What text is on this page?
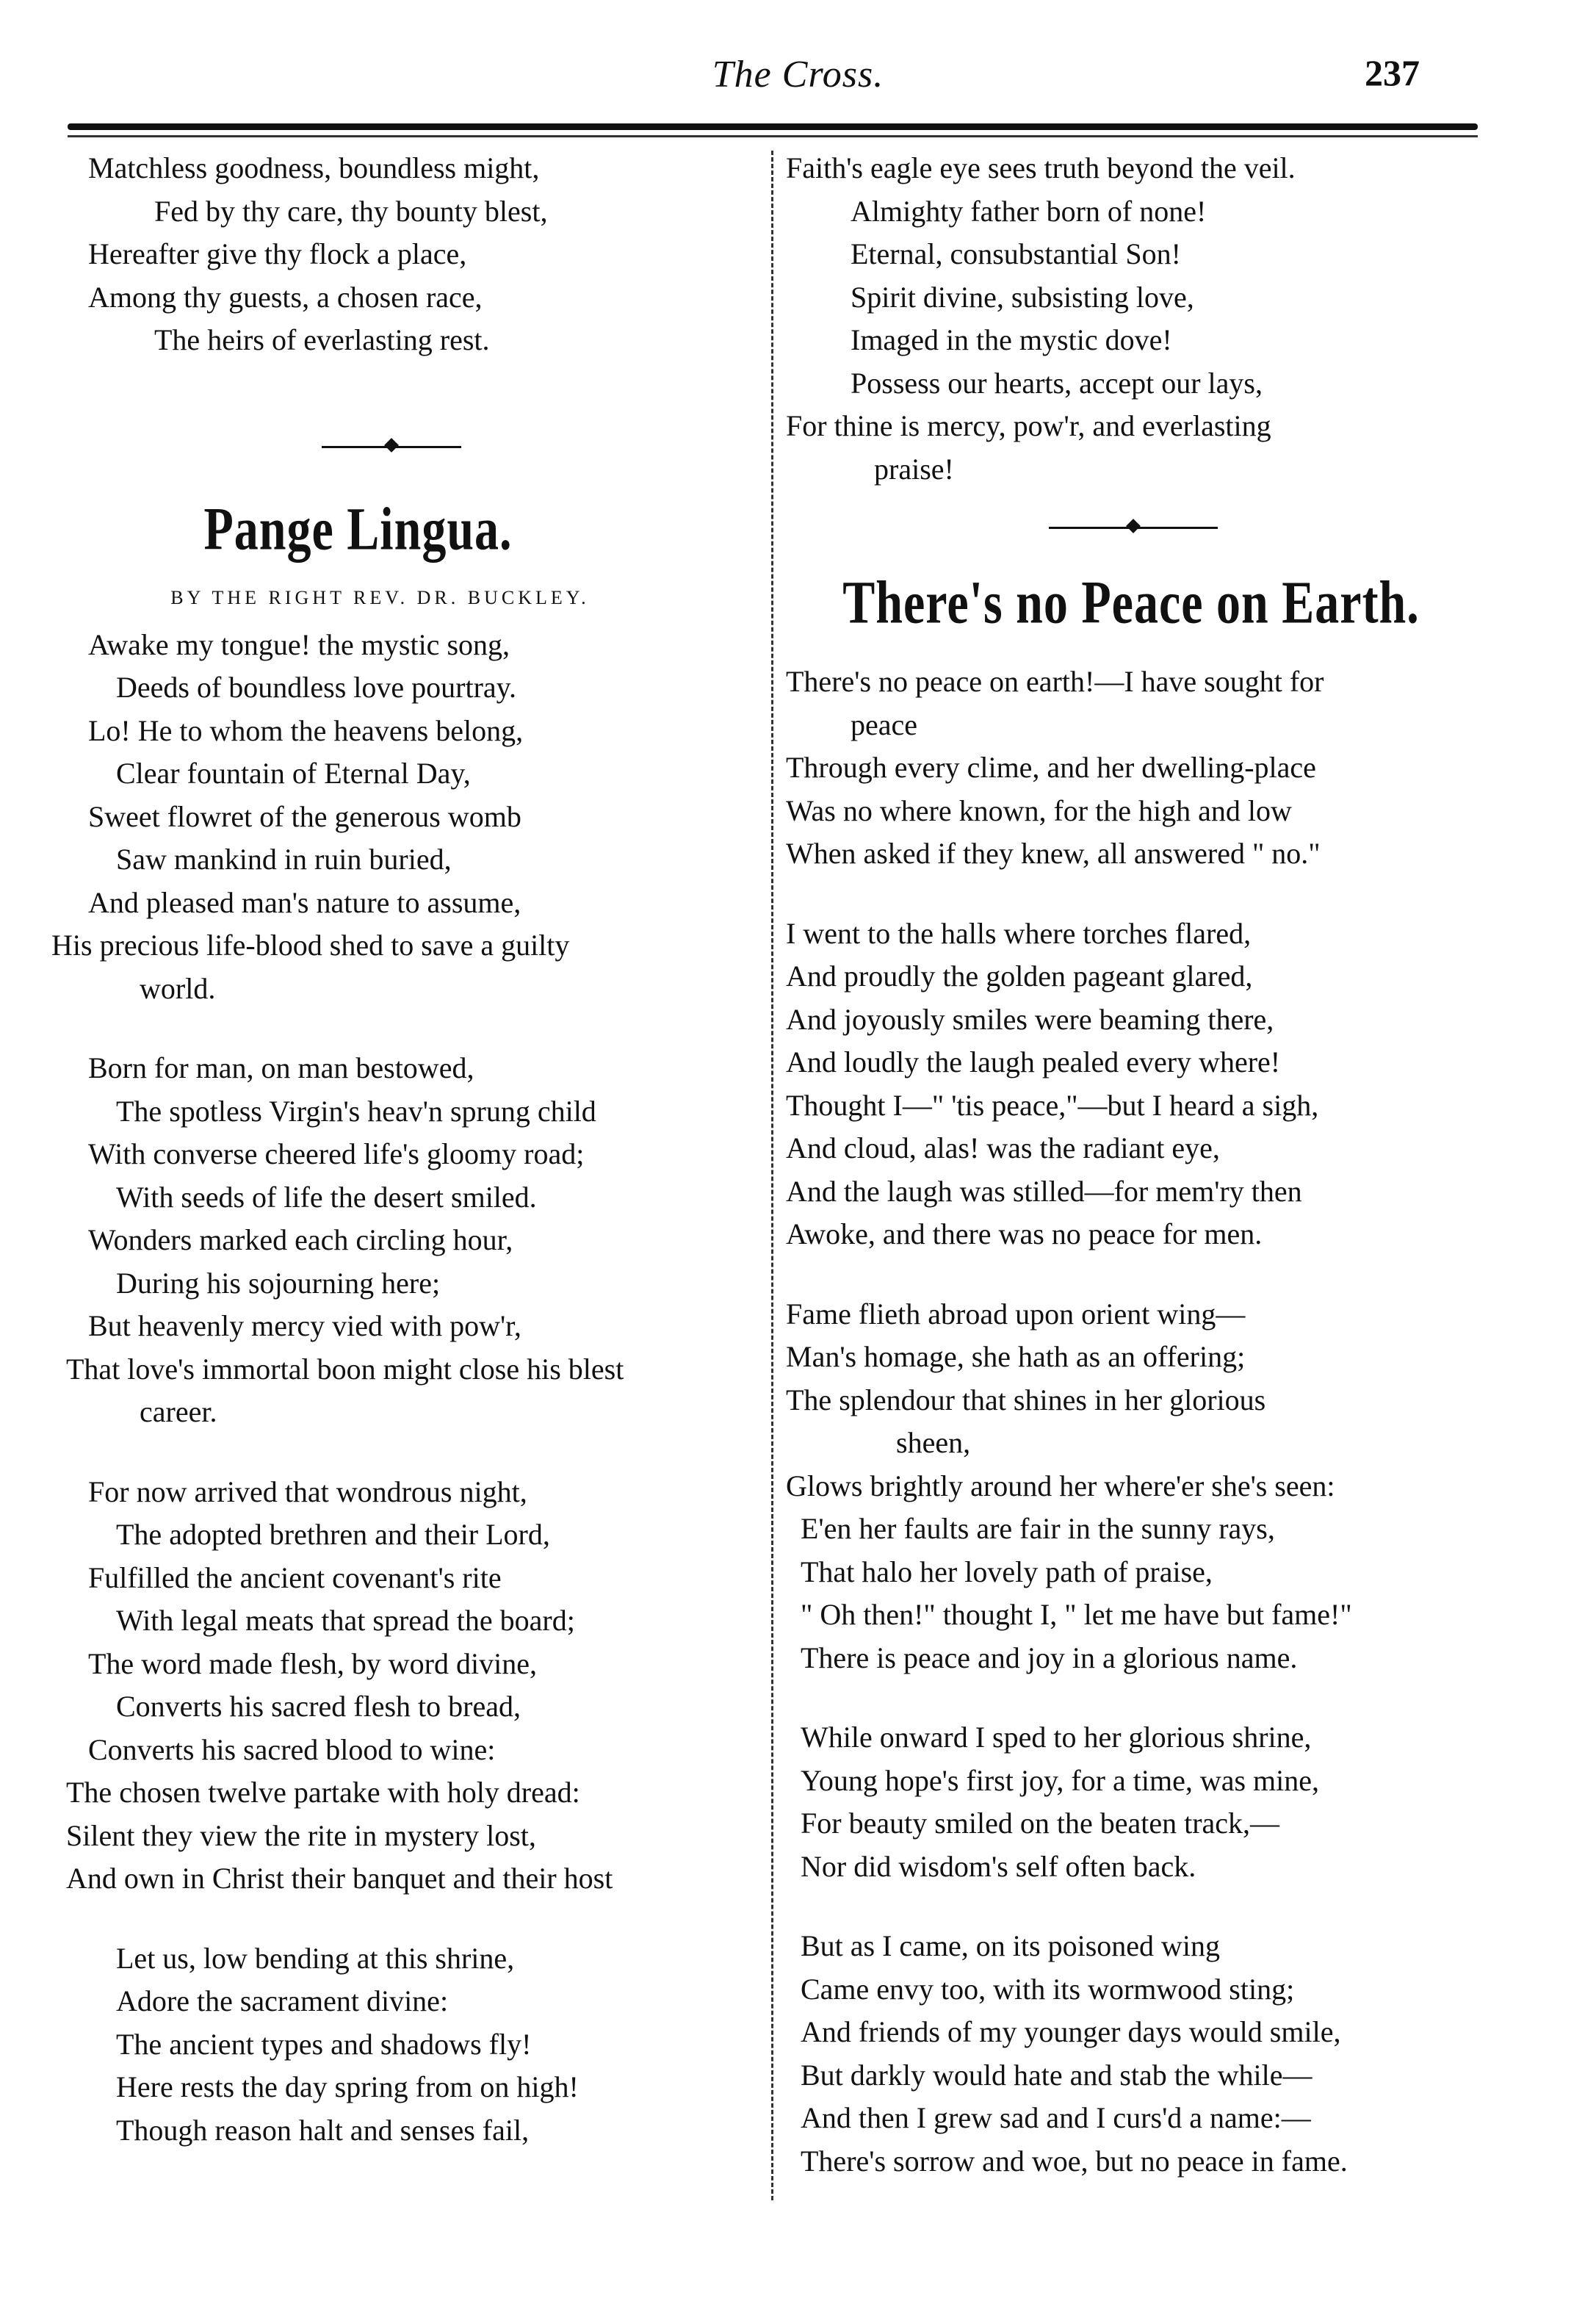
The Cross.	237
Matchless goodness, boundless might,
Fed by thy care, thy bounty blest,
Hereafter give thy flock a place,
Among thy guests, a chosen race,
The heirs of everlasting rest.
Pange Lingua.
BY THE RIGHT REV. DR. BUCKLEY.
Awake my tongue! the mystic song,
Deeds of boundless love pourtray.
Lo! He to whom the heavens belong,
Clear fountain of Eternal Day,
Sweet flowret of the generous womb
Saw mankind in ruin buried,
And pleased man's nature to assume,
His precious life-blood shed to save a guilty
world.
Born for man, on man bestowed,
The spotless Virgin's heav'n sprung child
With converse cheered life's gloomy road;
With seeds of life the desert smiled.
Wonders marked each circling hour,
During his sojourning here;
But heavenly mercy vied with pow'r,
That love's immortal boon might close his blest
career.
For now arrived that wondrous night,
The adopted brethren and their Lord,
Fulfilled the ancient covenant's rite
With legal meats that spread the board;
The word made flesh, by word divine,
Converts his sacred flesh to bread,
Converts his sacred blood to wine:
The chosen twelve partake with holy dread:
Silent they view the rite in mystery lost,
And own in Christ their banquet and their host
Let us, low bending at this shrine,
Adore the sacrament divine:
The ancient types and shadows fly!
Here rests the day spring from on high!
Though reason halt and senses fail,
Faith's eagle eye sees truth beyond the veil.
Almighty father born of none!
Eternal, consubstantial Son!
Spirit divine, subsisting love,
Imaged in the mystic dove!
Possess our hearts, accept our lays,
For thine is mercy, pow'r, and everlasting
praise!
There's no Peace on Earth.
There's no peace on earth!—I have sought for
peace
Through every clime, and her dwelling-place
Was no where known, for the high and low
When asked if they knew, all answered " no."
I went to the halls where torches flared,
And proudly the golden pageant glared,
And joyously smiles were beaming there,
And loudly the laugh pealed every where!
Thought I—" 'tis peace,"—but I heard a sigh,
And cloud, alas! was the radiant eye,
And the laugh was stilled—for mem'ry then
Awoke, and there was no peace for men.
Fame flieth abroad upon orient wing—
Man's homage, she hath as an offering;
The splendour that shines in her glorious
sheen,
Glows brightly around her where'er she's seen:
E'en her faults are fair in the sunny rays,
That halo her lovely path of praise,
" Oh then!" thought I, " let me have but fame!"
There is peace and joy in a glorious name.
While onward I sped to her glorious shrine,
Young hope's first joy, for a time, was mine,
For beauty smiled on the beaten track,—
Nor did wisdom's self often back.
But as I came, on its poisoned wing
Came envy too, with its wormwood sting;
And friends of my younger days would smile,
But darkly would hate and stab the while—
And then I grew sad and I curs'd a name:—
There's sorrow and woe, but no peace in fame.
